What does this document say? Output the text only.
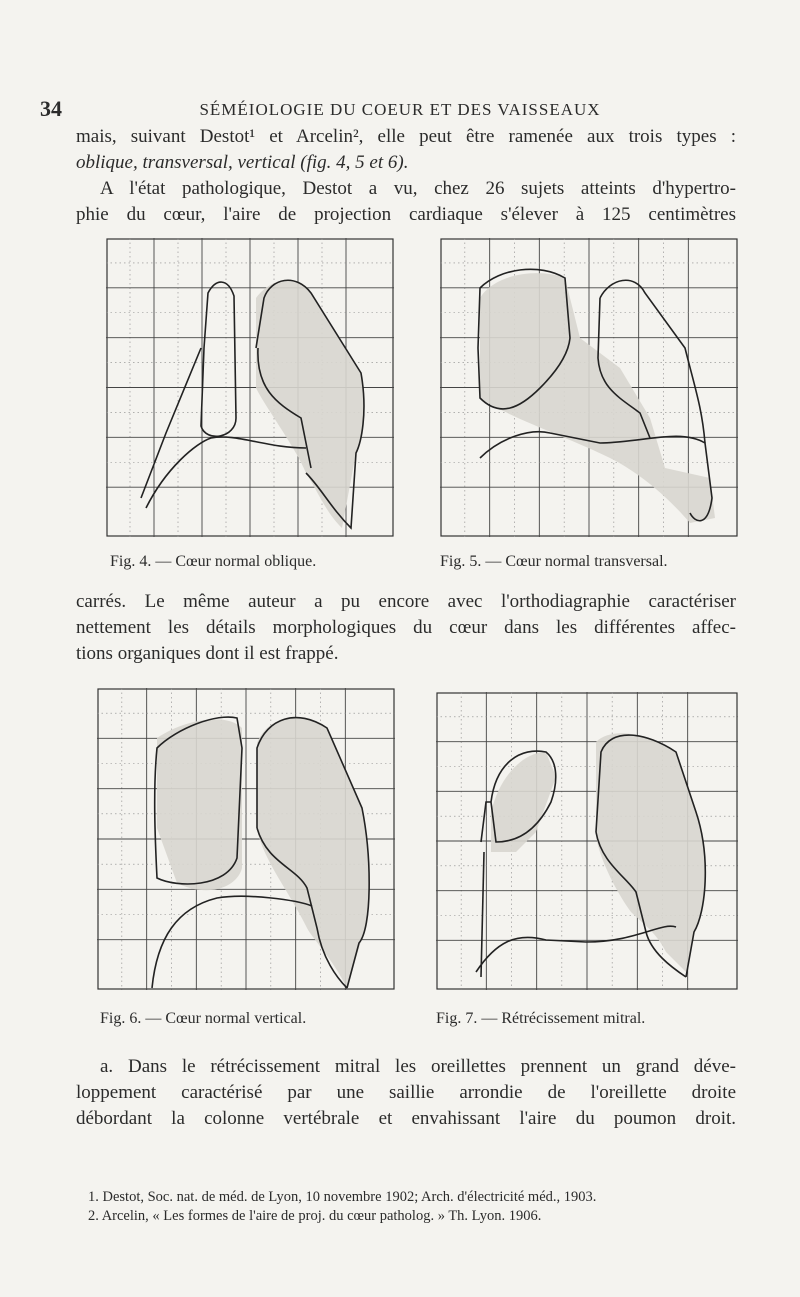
34	SÉMÉIOLOGIE DU COEUR ET DES VAISSEAUX
mais, suivant Destot¹ et Arcelin², elle peut être ramenée aux trois types :
oblique, transversal, vertical (fig. 4, 5 et 6).
A l'état pathologique, Destot a vu, chez 26 sujets atteints d'hypertro-
phie du cœur, l'aire de projection cardiaque s'élever à 125 centimètres
Fig. 4. — Cœur normal oblique.	Fig. 5. — Cœur normal transversal.
carrés. Le même auteur a pu encore avec l'orthodiagraphie caractériser
nettement les détails morphologiques du cœur dans les différentes affec-
tions organiques dont il est frappé.
Fig. 6. — Cœur normal vertical.	Fig. 7. — Rétrécissement mitral.
a. Dans le rétrécissement mitral les oreillettes prennent un grand déve-
loppement caractérisé par une saillie arrondie de l'oreillette droite
débordant la colonne vertébrale et envahissant l'aire du poumon droit.
1. Destot, Soc. nat. de méd. de Lyon, 10 novembre 1902; Arch. d'électricité méd., 1903.
2. Arcelin, « Les formes de l'aire de proj. du cœur patholog. » Th. Lyon. 1906.
